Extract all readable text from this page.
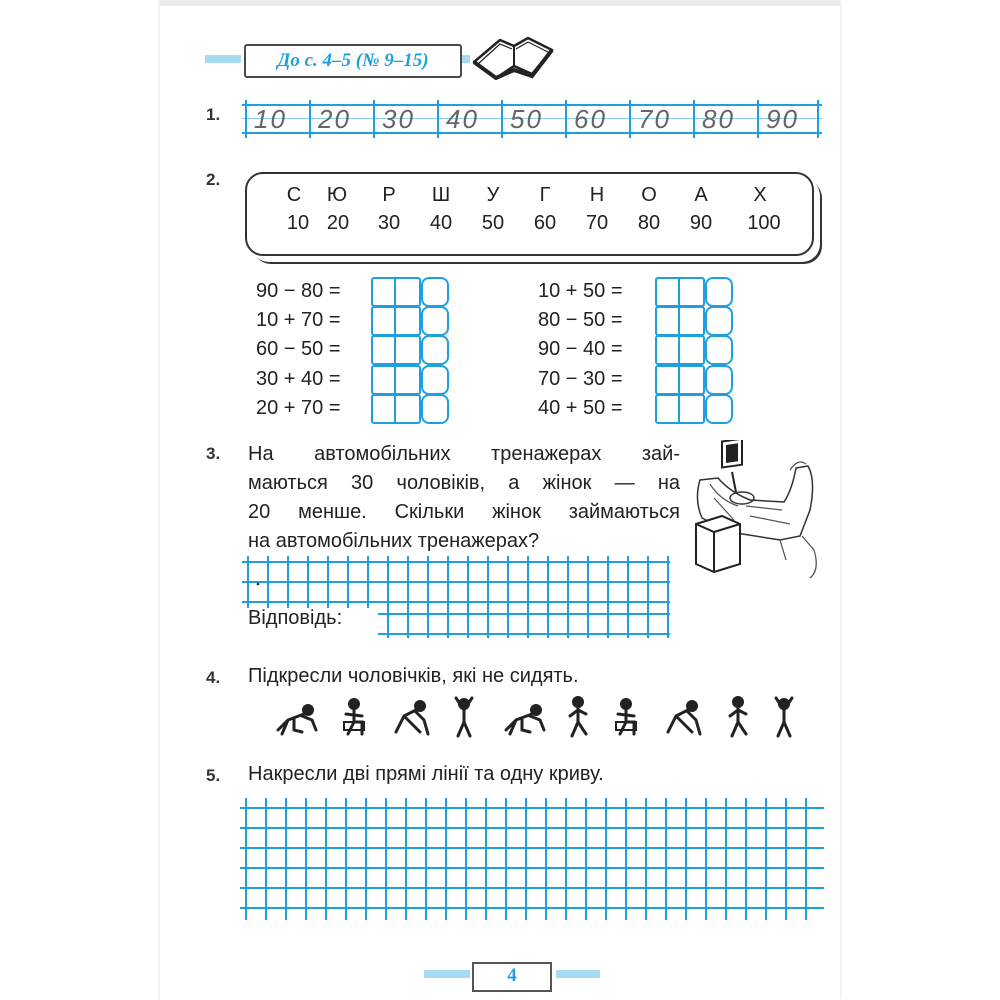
До с. 4–5 (№ 9–15)
1. 10 20 30 40 50 60 70 80 90
2.
С	Ю	Р	Ш	У	Г	Н	О	А	Х
10 20	30	40	50	60	70	80	90	100
90 − 80 =
10 + 70 =
60 − 50 =
30 + 40 =
20 + 70 =
10 + 50 =
80 − 50 =
90 − 40 =
70 − 30 =
40 + 50 =
3. На автомобільних тренажерах зай-
маються 30 чоловіків, а жінок — на
20 менше. Скільки жінок займаються
на автомобільних тренажерах?
Відповідь:
4. Підкресли чоловічків, які не сидять.
5. Накресли дві прямі лінії та одну криву.
4
